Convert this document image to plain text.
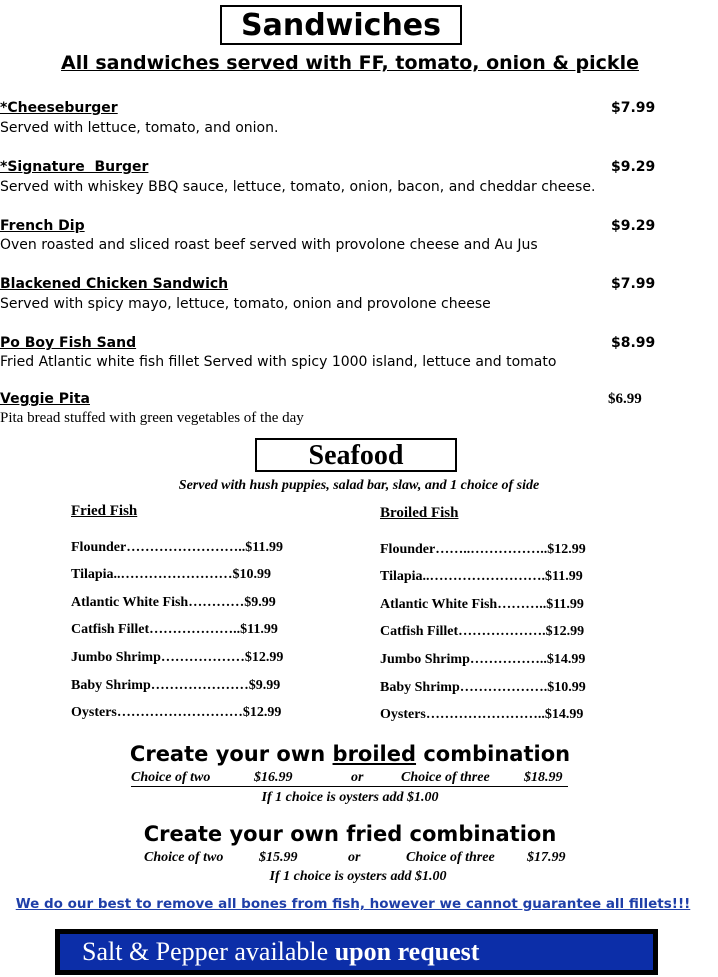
Sandwiches
All sandwiches served with FF, tomato, onion & pickle
*Cheeseburger	$7.99
Served with lettuce, tomato, and onion.
*Signature  Burger	$9.29
Served with whiskey BBQ sauce, lettuce, tomato, onion, bacon, and cheddar cheese.
French Dip	$9.29
Oven roasted and sliced roast beef served with provolone cheese and Au Jus
Blackened Chicken Sandwich	$7.99
Served with spicy mayo, lettuce, tomato, onion and provolone cheese
Po Boy Fish Sand	$8.99
Fried Atlantic white fish fillet Served with spicy 1000 island, lettuce and tomato
Veggie Pita	$6.99
Pita bread stuffed with green vegetables of the day
Seafood
Served with hush puppies, salad bar, slaw, and 1 choice of side
Fried Fish
Flounder……………………..$11.99
Tilapia..……………………$10.99
Atlantic White Fish…………$9.99
Catfish Fillet………………..$11.99
Jumbo Shrimp………………$12.99
Baby Shrimp…………………$9.99
Oysters………………………$12.99
Broiled Fish
Flounder……..……………..$12.99
Tilapia..…………………….$11.99
Atlantic White Fish………..$11.99
Catfish Fillet……………….$12.99
Jumbo Shrimp……………..$14.99
Baby Shrimp……………….$10.99
Oysters……………………..$14.99
Create your own broiled combination
Choice of two	$16.99	or	Choice of three $18.99
If 1 choice is oysters add $1.00
Create your own fried combination
Choice of two	$15.99	or	Choice of three $17.99
If 1 choice is oysters add $1.00
We do our best to remove all bones from fish, however we cannot guarantee all fillets!!!
Salt & Pepper available upon request
